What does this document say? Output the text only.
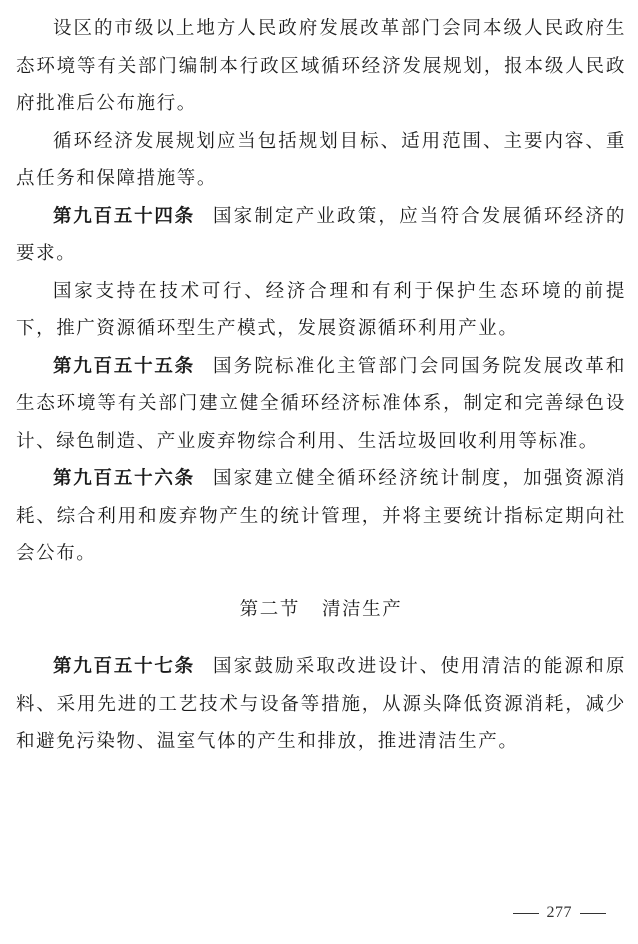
设区的市级以上地方人民政府发展改革部门会同本级人民政府生态环境等有关部门编制本行政区域循环经济发展规划，报本级人民政府批准后公布施行。

循环经济发展规划应当包括规划目标、适用范围、主要内容、重点任务和保障措施等。

第九百五十四条 国家制定产业政策，应当符合发展循环经济的要求。

国家支持在技术可行、经济合理和有利于保护生态环境的前提下，推广资源循环型生产模式，发展资源循环利用产业。

第九百五十五条 国务院标准化主管部门会同国务院发展改革和生态环境等有关部门建立健全循环经济标准体系，制定和完善绿色设计、绿色制造、产业废弃物综合利用、生活垃圾回收利用等标准。

第九百五十六条 国家建立健全循环经济统计制度，加强资源消耗、综合利用和废弃物产生的统计管理，并将主要统计指标定期向社会公布。

第二节 清洁生产

第九百五十七条 国家鼓励采取改进设计、使用清洁的能源和原料、采用先进的工艺技术与设备等措施，从源头降低资源消耗，减少和避免污染物、温室气体的产生和排放，推进清洁生产。

277
